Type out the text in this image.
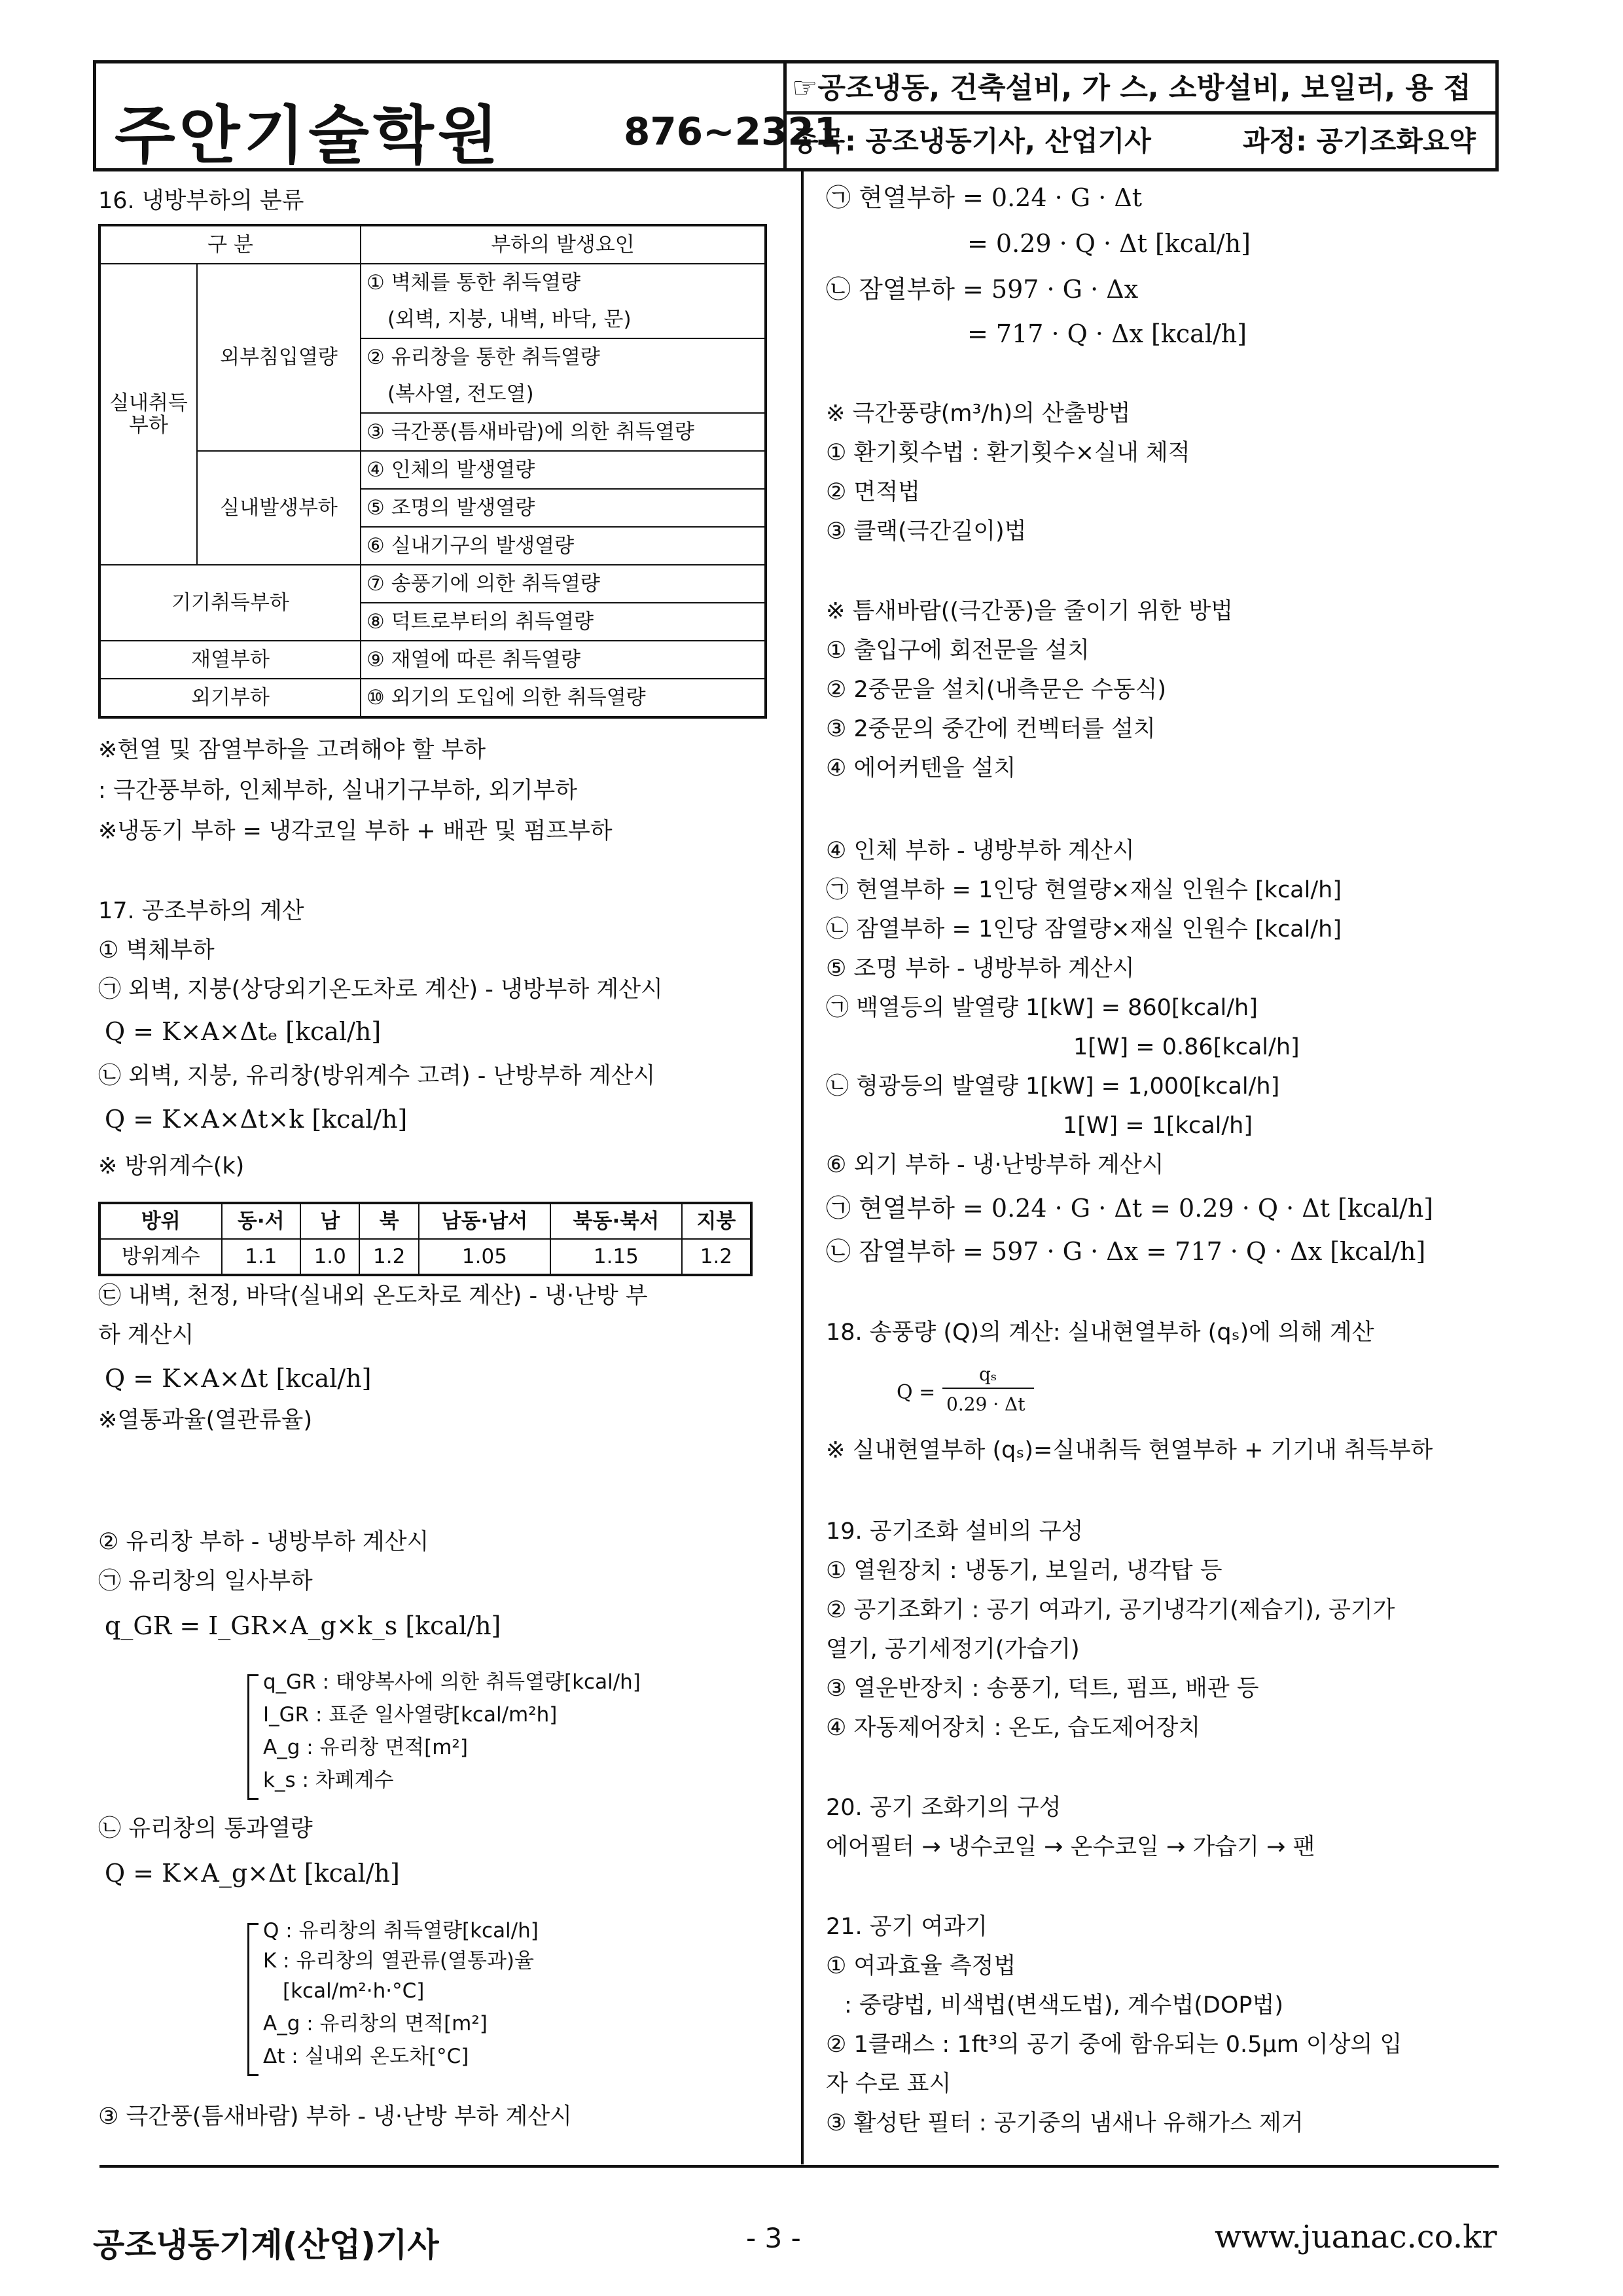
주안기술학원	876~2321
☞공조냉동, 건축설비, 가 스, 소방설비, 보일러, 용 접
종목: 공조냉동기사, 산업기사	과정: 공기조화요약
16. 냉방부하의 분류
구 분		부하의 발생요인
실내취득
부하	외부침입열량	① 벽체를 통한 취득열량
		(외벽, 지붕, 내벽, 바닥, 문)
		② 유리창을 통한 취득열량
		(복사열, 전도열)
		③ 극간풍(틈새바람)에 의한 취득열량
	실내발생부하	④ 인체의 발생열량
		⑤ 조명의 발생열량
		⑥ 실내기구의 발생열량
기기취득부하		⑦ 송풍기에 의한 취득열량
		⑧ 덕트로부터의 취득열량
재열부하		⑨ 재열에 따른 취득열량
외기부하		⑩ 외기의 도입에 의한 취득열량
※현열 및 잠열부하을 고려해야 할 부하
: 극간풍부하, 인체부하, 실내기구부하, 외기부하
※냉동기 부하 = 냉각코일 부하 + 배관 및 펌프부하
17. 공조부하의 계산
① 벽체부하
㉠ 외벽, 지붕(상당외기온도차로 계산) - 냉방부하 계산시
Q = K×A×Δtₑ [kcal/h]
㉡ 외벽, 지붕, 유리창(방위계수 고려) - 난방부하 계산시
Q = K×A×Δt×k [kcal/h]
※ 방위계수(k)
방위	동·서	남	북	남동·남서	북동·북서	지붕
방위계수	1.1	1.0	1.2	1.05	1.15	1.2
㉢ 내벽, 천정, 바닥(실내외 온도차로 계산) - 냉·난방 부
하 계산시
Q = K×A×Δt [kcal/h]
※열통과율(열관류율)
② 유리창 부하 - 냉방부하 계산시
㉠ 유리창의 일사부하
q_GR = I_GR×A_g×k_s [kcal/h]
q_GR : 태양복사에 의한 취득열량[kcal/h]
I_GR : 표준 일사열량[kcal/m²h]
A_g : 유리창 면적[m²]
k_s : 차폐계수
㉡ 유리창의 통과열량
Q = K×A_g×Δt [kcal/h]
Q : 유리창의 취득열량[kcal/h]
K : 유리창의 열관류(열통과)율
[kcal/m²·h·°C]
A_g : 유리창의 면적[m²]
Δt : 실내외 온도차[°C]
③ 극간풍(틈새바람) 부하 - 냉·난방 부하 계산시
㉠ 현열부하 = 0.24 · G · Δt
= 0.29 · Q · Δt [kcal/h]
㉡ 잠열부하 = 597 · G · Δx
= 717 · Q · Δx [kcal/h]
※ 극간풍량(m³/h)의 산출방법
① 환기횟수법 : 환기횟수×실내 체적
② 면적법
③ 클랙(극간길이)법
※ 틈새바람((극간풍)을 줄이기 위한 방법
① 출입구에 회전문을 설치
② 2중문을 설치(내측문은 수동식)
③ 2중문의 중간에 컨벡터를 설치
④ 에어커텐을 설치
④ 인체 부하 - 냉방부하 계산시
㉠ 현열부하 = 1인당 현열량×재실 인원수 [kcal/h]
㉡ 잠열부하 = 1인당 잠열량×재실 인원수 [kcal/h]
⑤ 조명 부하 - 냉방부하 계산시
㉠ 백열등의 발열량 1[kW] = 860[kcal/h]
1[W] = 0.86[kcal/h]
㉡ 형광등의 발열량 1[kW] = 1,000[kcal/h]
1[W] = 1[kcal/h]
⑥ 외기 부하 - 냉·난방부하 계산시
㉠ 현열부하 = 0.24 · G · Δt = 0.29 · Q · Δt [kcal/h]
㉡ 잠열부하 = 597 · G · Δx = 717 · Q · Δx [kcal/h]
18. 송풍량 (Q)의 계산: 실내현열부하 (qₛ)에 의해 계산
Q =
qₛ
0.29 · Δt
※ 실내현열부하 (qₛ)=실내취득 현열부하 + 기기내 취득부하
19. 공기조화 설비의 구성
① 열원장치 : 냉동기, 보일러, 냉각탑 등
② 공기조화기 : 공기 여과기, 공기냉각기(제습기), 공기가
열기, 공기세정기(가습기)
③ 열운반장치 : 송풍기, 덕트, 펌프, 배관 등
④ 자동제어장치 : 온도, 습도제어장치
20. 공기 조화기의 구성
에어필터 → 냉수코일 → 온수코일 → 가습기 → 팬
21. 공기 여과기
① 여과효율 측정법
: 중량법, 비색법(변색도법), 계수법(DOP법)
② 1클래스 : 1ft³의 공기 중에 함유되는 0.5μm 이상의 입
자 수로 표시
③ 활성탄 필터 : 공기중의 냄새나 유해가스 제거
공조냉동기계(산업)기사	- 3 -	www.juanac.co.kr
